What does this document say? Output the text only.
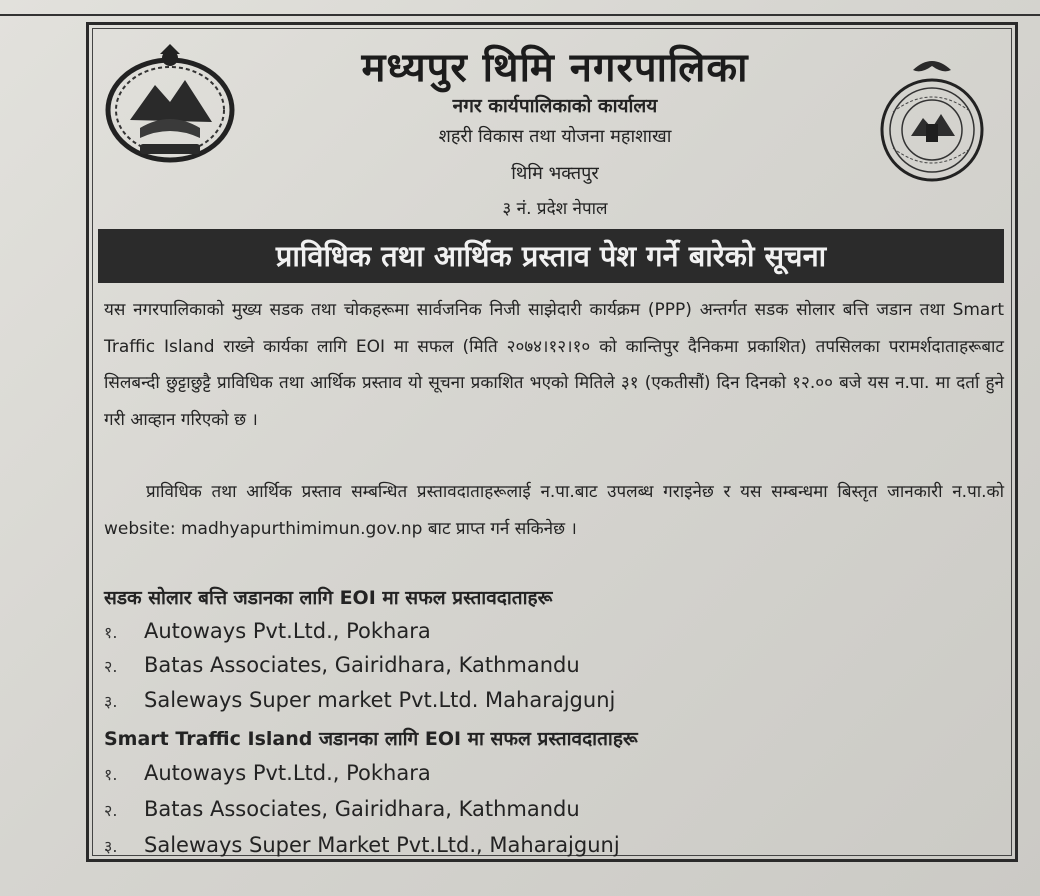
मध्यपुर थिमि नगरपालिका
नगर कार्यपालिकाको कार्यालय
शहरी विकास तथा योजना महाशाखा
थिमि भक्तपुर
३ नं. प्रदेश नेपाल
प्राविधिक तथा आर्थिक प्रस्ताव पेश गर्ने बारेको सूचना
यस नगरपालिकाको मुख्य सडक तथा चोकहरूमा सार्वजनिक निजी साझेदारी कार्यक्रम (PPP) अन्तर्गत सडक सोलार बत्ति जडान तथा Smart Traffic Island राख्ने कार्यका लागि EOI मा सफल (मिति २०७४।१२।१० को कान्तिपुर दैनिकमा प्रकाशित) तपसिलका परामर्शदाताहरूबाट सिलबन्दी छुट्टाछुट्टै प्राविधिक तथा आर्थिक प्रस्ताव यो सूचना प्रकाशित भएको मितिले ३१ (एकतीसौं) दिन दिनको १२.०० बजे यस न.पा. मा दर्ता हुने गरी आव्हान गरिएको छ ।
प्राविधिक तथा आर्थिक प्रस्ताव सम्बन्धित प्रस्तावदाताहरूलाई न.पा.बाट उपलब्ध गराइनेछ र यस सम्बन्धमा बिस्तृत जानकारी न.पा.को website: madhyapurthimimun.gov.np बाट प्राप्त गर्न सकिनेछ ।
सडक सोलार बत्ति जडानका लागि EOI मा सफल प्रस्तावदाताहरू
१. Autoways Pvt.Ltd., Pokhara
२. Batas Associates, Gairidhara, Kathmandu
३. Saleways Super market Pvt.Ltd. Maharajgunj
Smart Traffic Island जडानका लागि EOI मा सफल प्रस्तावदाताहरू
१. Autoways Pvt.Ltd., Pokhara
२. Batas Associates, Gairidhara, Kathmandu
३. Saleways Super Market Pvt.Ltd., Maharajgunj
